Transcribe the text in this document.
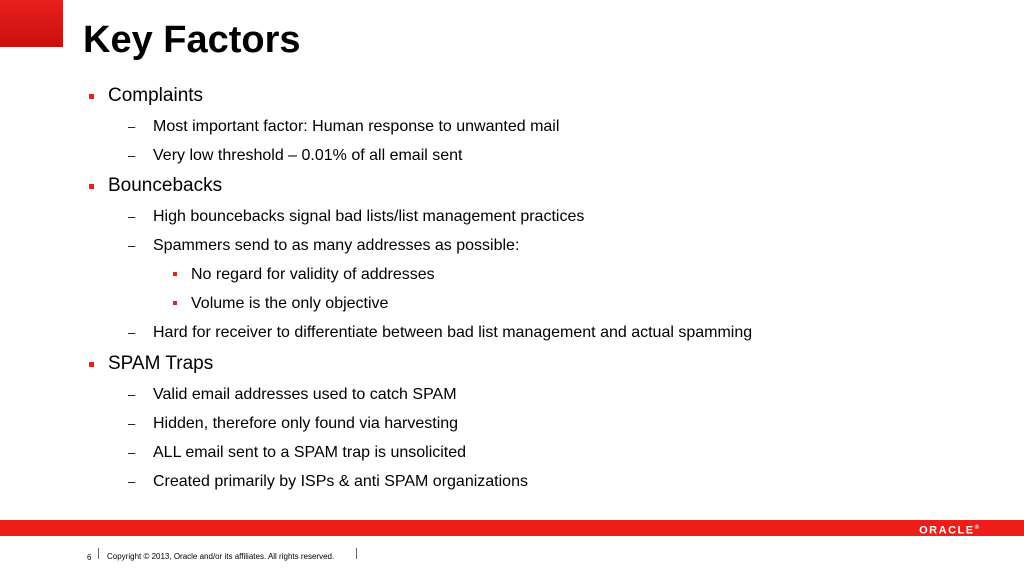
Key Factors
Complaints
– Most important factor: Human response to unwanted mail
– Very low threshold – 0.01% of all email sent
Bouncebacks
– High bouncebacks signal bad lists/list management practices
– Spammers send to as many addresses as possible:
No regard for validity of addresses
Volume is the only objective
– Hard for receiver to differentiate between bad list management and actual spamming
SPAM Traps
– Valid email addresses used to catch SPAM
– Hidden, therefore only found via harvesting
– ALL email sent to a SPAM trap is unsolicited
– Created primarily by ISPs & anti SPAM organizations
ORACLE®
6 Copyright © 2013, Oracle and/or its affiliates. All rights reserved.
